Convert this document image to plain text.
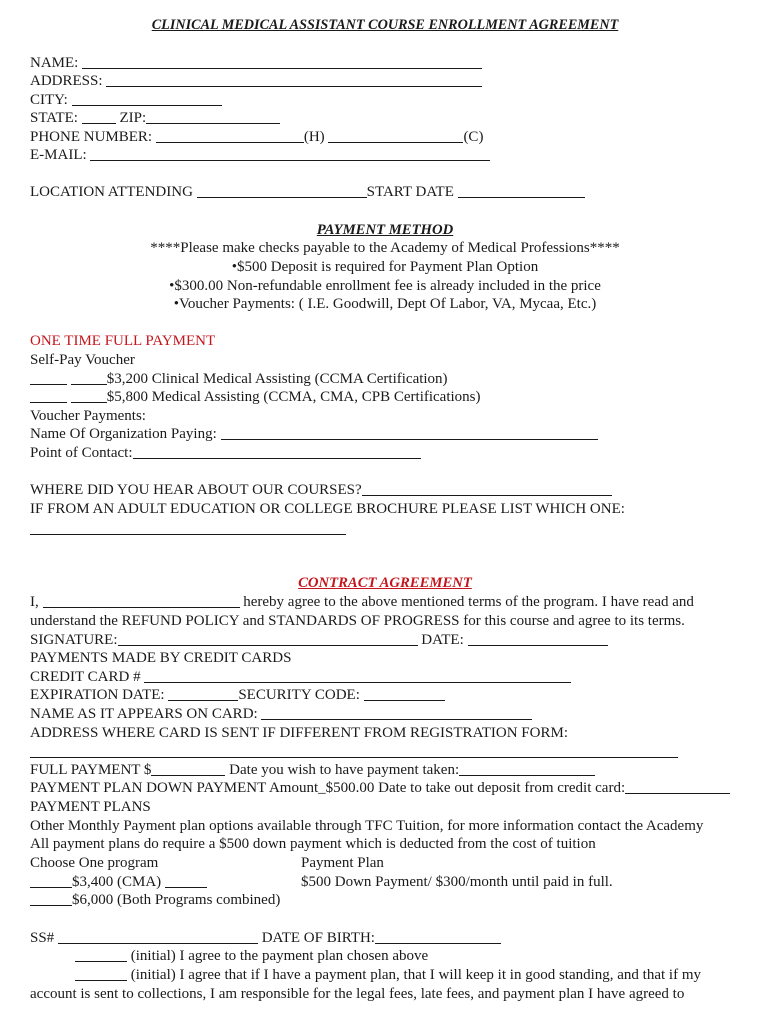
CLINICAL MEDICAL ASSISTANT COURSE ENROLLMENT AGREEMENT
NAME:
ADDRESS:
CITY:
STATE:	ZIP:
PHONE NUMBER:	(H)	(C)
E-MAIL:
LOCATION ATTENDING	START DATE
PAYMENT METHOD
****Please make checks payable to the Academy of Medical Professions****
•$500 Deposit is required for Payment Plan Option
•$300.00 Non-refundable enrollment fee is already included in the price
•Voucher Payments: ( I.E. Goodwill, Dept Of Labor, VA, Mycaa, Etc.)
ONE TIME FULL PAYMENT
Self-Pay Voucher
$3,200 Clinical Medical Assisting (CCMA Certification)
$5,800 Medical Assisting (CCMA, CMA, CPB Certifications)
Voucher Payments:
Name Of Organization Paying:
Point of Contact:
WHERE DID YOU HEAR ABOUT OUR COURSES?
IF FROM AN ADULT EDUCATION OR COLLEGE BROCHURE PLEASE LIST WHICH ONE:
CONTRACT AGREEMENT
I,	hereby agree to the above mentioned terms of the program. I have read and
understand the REFUND POLICY and STANDARDS OF PROGRESS for this course and agree to its terms.
SIGNATURE:	DATE:
PAYMENTS MADE BY CREDIT CARDS
CREDIT CARD #
EXPIRATION DATE:	SECURITY CODE:
NAME AS IT APPEARS ON CARD:
ADDRESS WHERE CARD IS SENT IF DIFFERENT FROM REGISTRATION FORM:
FULL PAYMENT $	Date you wish to have payment taken:
PAYMENT PLAN DOWN PAYMENT Amount_$500.00 Date to take out deposit from credit card:
PAYMENT PLANS
Other Monthly Payment plan options available through TFC Tuition, for more information contact the Academy
All payment plans do require a $500 down payment which is deducted from the cost of tuition
Choose One program	Payment Plan
$3,400 (CMA)	$500 Down Payment/ $300/month until paid in full.
$6,000 (Both Programs combined)
SS#	DATE OF BIRTH:
(initial) I agree to the payment plan chosen above
(initial) I agree that if I have a payment plan, that I will keep it in good standing, and that if my
account is sent to collections, I am responsible for the legal fees, late fees, and payment plan I have agreed to
